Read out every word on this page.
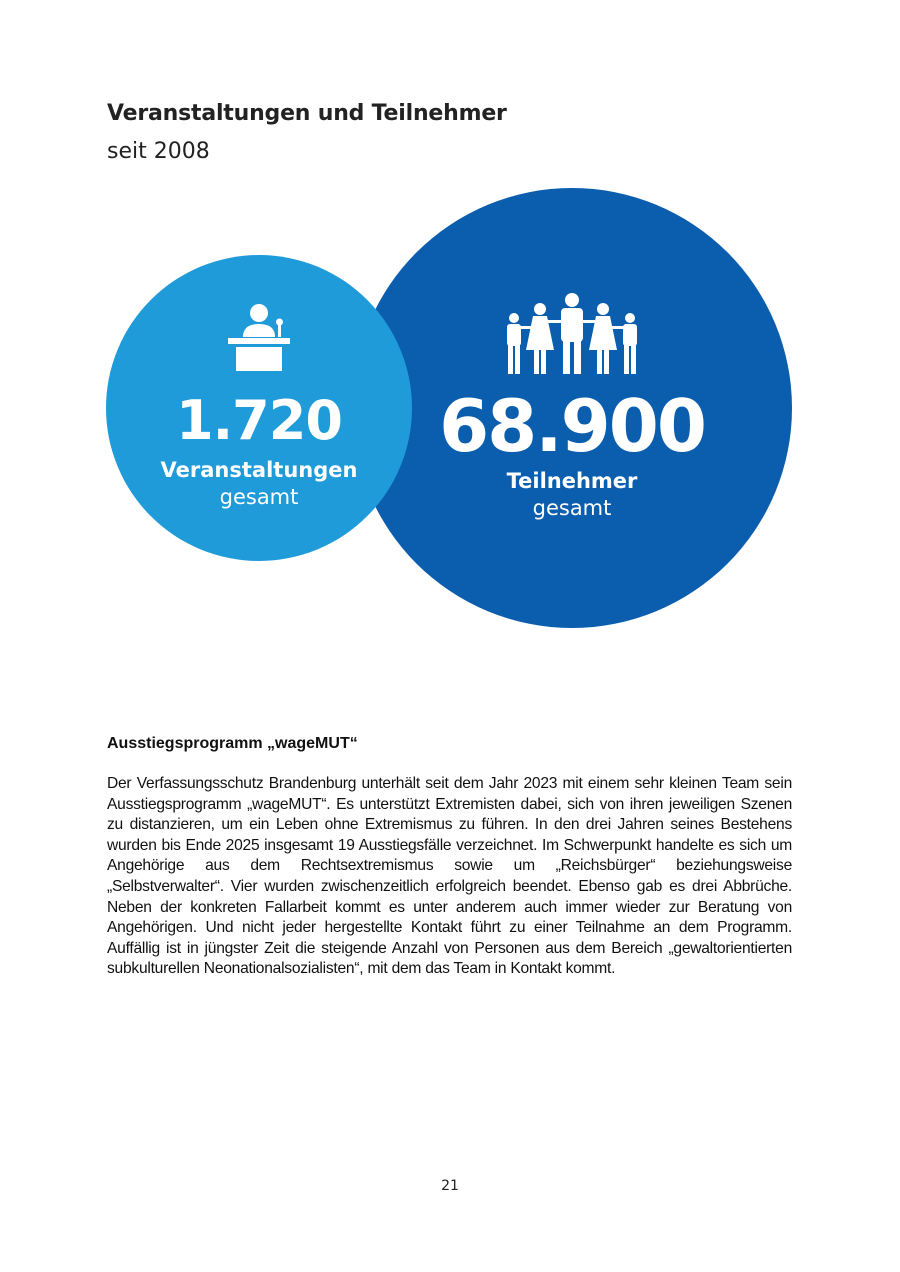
Veranstaltungen und Teilnehmer
seit 2008
68.900
Teilnehmer
gesamt
1.720
Veranstaltungen
gesamt
Ausstiegsprogramm „wageMUT“

Der Verfassungsschutz Brandenburg unterhält seit dem Jahr 2023 mit einem sehr kleinen Team sein Ausstiegsprogramm „wageMUT“. Es unterstützt Extremisten dabei, sich von ihren jeweiligen Szenen zu distanzieren, um ein Leben ohne Extremismus zu führen. In den drei Jahren seines Bestehens wurden bis Ende 2025 insgesamt 19 Ausstiegsfälle verzeichnet. Im Schwerpunkt handelte es sich um Angehörige aus dem Rechtsextremismus sowie um „Reichsbürger“ beziehungsweise „Selbstverwalter“. Vier wurden zwischenzeitlich erfolgreich beendet. Ebenso gab es drei Abbrüche. Neben der konkreten Fallarbeit kommt es unter anderem auch immer wieder zur Beratung von Angehörigen. Und nicht jeder hergestellte Kontakt führt zu einer Teilnahme an dem Programm. Auffällig ist in jüngster Zeit die steigende Anzahl von Personen aus dem Bereich „gewaltorientierten subkulturellen Neonationalsozialisten“, mit dem das Team in Kontakt kommt.

21
